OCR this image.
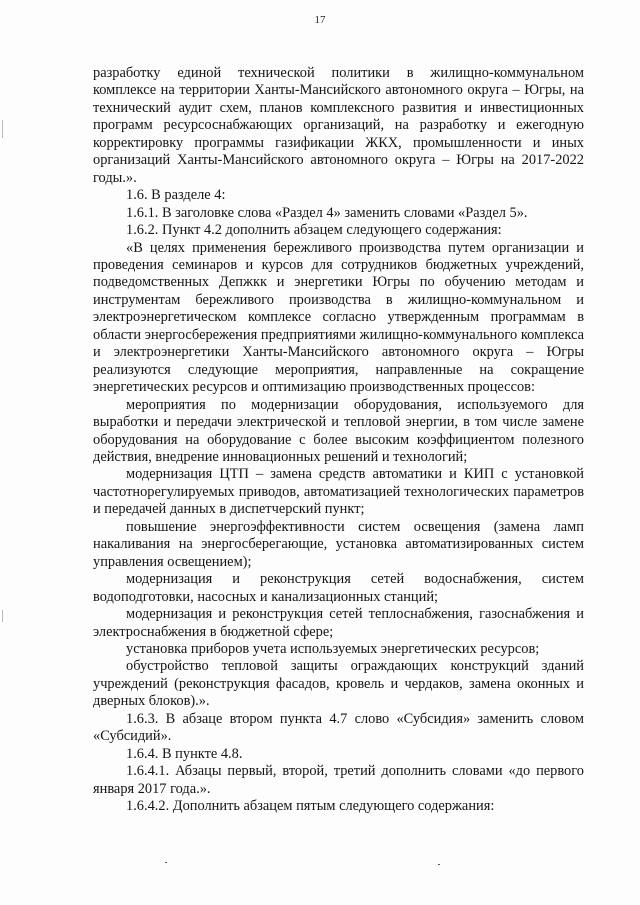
17

разработку единой технической политики в жилищно-коммунальном комплексе на территории Ханты-Мансийского автономного округа – Югры, на технический аудит схем, планов комплексного развития и инвестиционных программ ресурсоснабжающих организаций, на разработку и ежегодную корректировку программы газификации ЖКХ, промышленности и иных организаций Ханты-Мансийского автономного округа – Югры на 2017-2022 годы.».

1.6. В разделе 4:

1.6.1. В заголовке слова «Раздел 4» заменить словами «Раздел 5».

1.6.2. Пункт 4.2 дополнить абзацем следующего содержания:

«В целях применения бережливого производства путем организации и проведения семинаров и курсов для сотрудников бюджетных учреждений, подведомственных Депжкк и энергетики Югры по обучению методам и инструментам бережливого производства в жилищно-коммунальном и электроэнергетическом комплексе согласно утвержденным программам в области энергосбережения предприятиями жилищно-коммунального комплекса и электроэнергетики Ханты-Мансийского автономного округа – Югры реализуются следующие мероприятия, направленные на сокращение энергетических ресурсов и оптимизацию производственных процессов:

мероприятия по модернизации оборудования, используемого для выработки и передачи электрической и тепловой энергии, в том числе замене оборудования на оборудование с более высоким коэффициентом полезного действия, внедрение инновационных решений и технологий;

модернизация ЦТП – замена средств автоматики и КИП с установкой частотнорегулируемых приводов, автоматизацией технологических параметров и передачей данных в диспетчерский пункт;

повышение энергоэффективности систем освещения (замена ламп накаливания на энергосберегающие, установка автоматизированных систем управления освещением);

модернизация и реконструкция сетей водоснабжения, систем водоподготовки, насосных и канализационных станций;

модернизация и реконструкция сетей теплоснабжения, газоснабжения и электроснабжения в бюджетной сфере;

установка приборов учета используемых энергетических ресурсов;

обустройство тепловой защиты ограждающих конструкций зданий учреждений (реконструкция фасадов, кровель и чердаков, замена оконных и дверных блоков).».

1.6.3. В абзаце втором пункта 4.7 слово «Субсидия» заменить словом «Субсидий».

1.6.4. В пункте 4.8.

1.6.4.1. Абзацы первый, второй, третий дополнить словами «до первого января 2017 года.».

1.6.4.2. Дополнить абзацем пятым следующего содержания:
